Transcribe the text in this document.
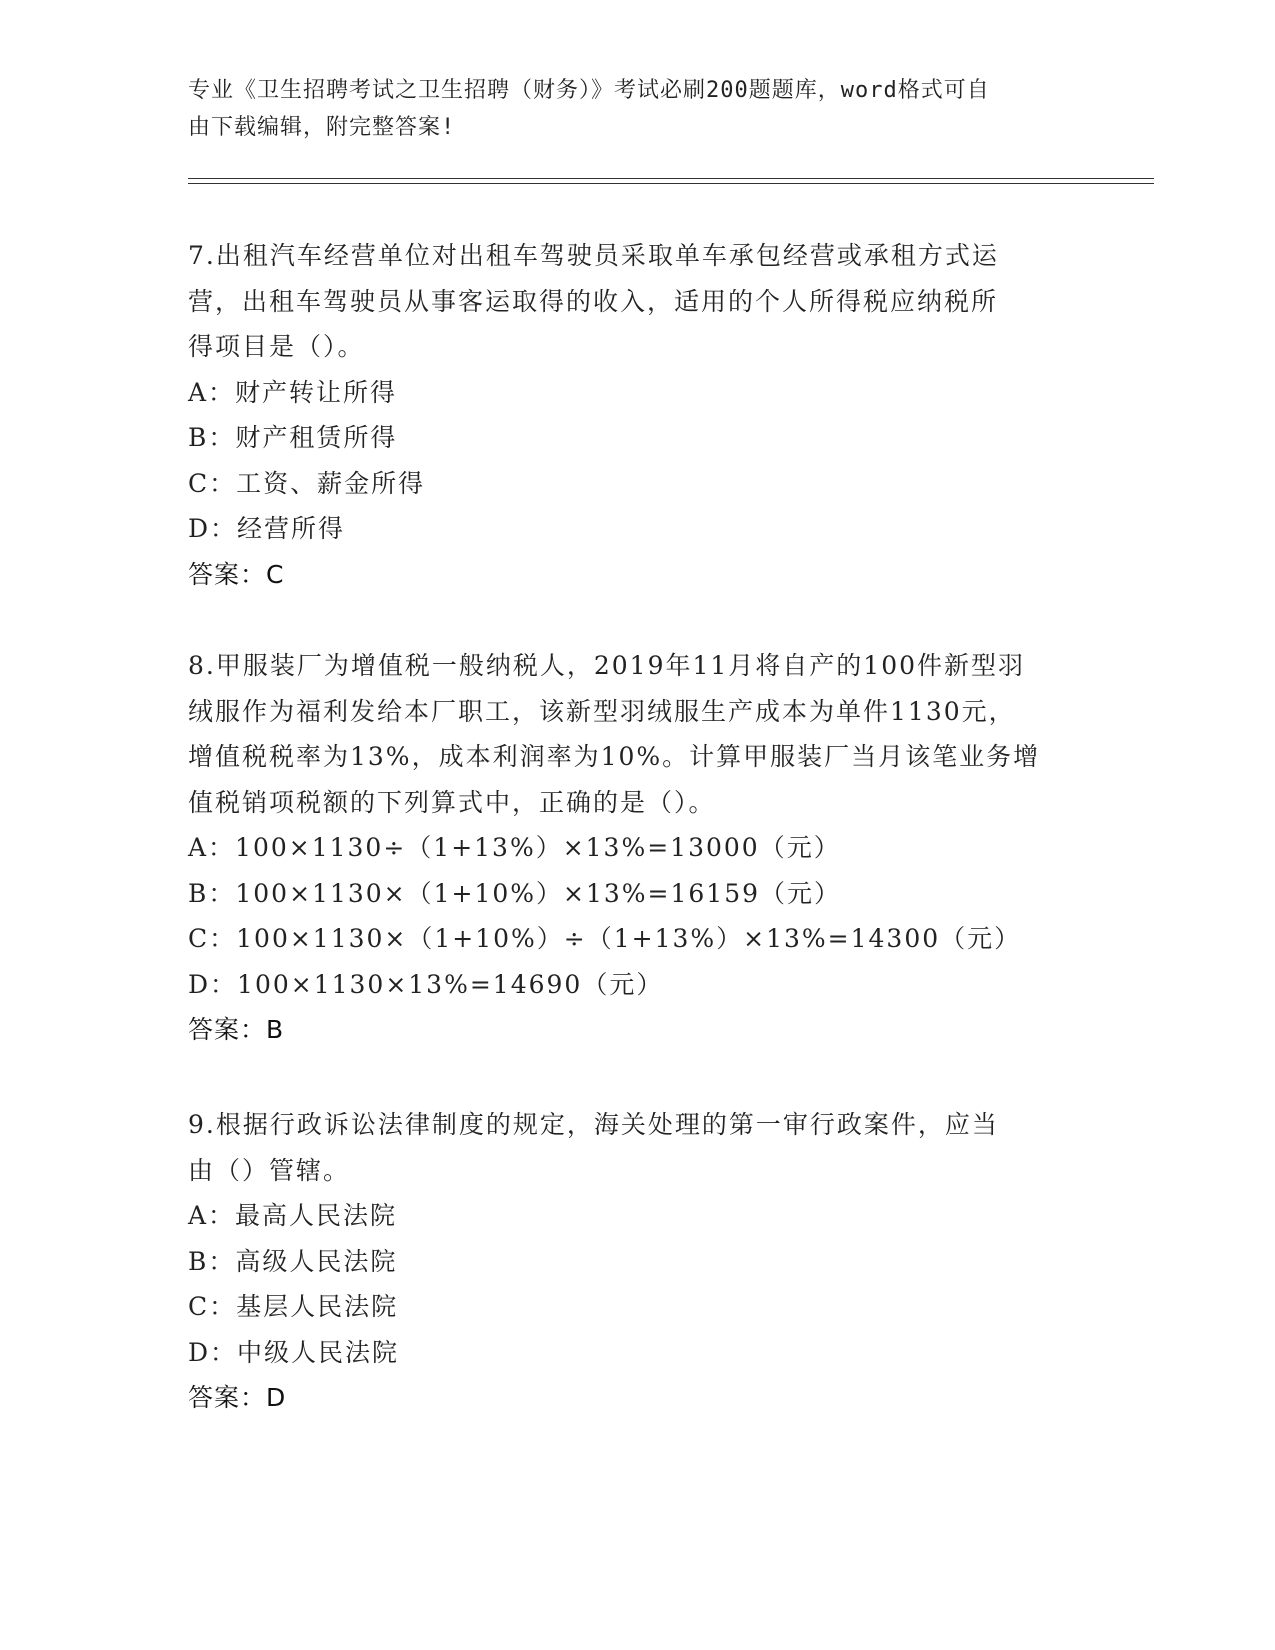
专业《卫生招聘考试之卫生招聘（财务）》考试必刷200题题库，word格式可自
由下载编辑，附完整答案!

7.出租汽车经营单位对出租车驾驶员采取单车承包经营或承租方式运
营，出租车驾驶员从事客运取得的收入，适用的个人所得税应纳税所
得项目是（）。

A：财产转让所得

B：财产租赁所得

C：工资、薪金所得

D：经营所得

答案：C

8.甲服装厂为增值税一般纳税人，2019年11月将自产的100件新型羽
绒服作为福利发给本厂职工，该新型羽绒服生产成本为单件1130元，
增值税税率为13%，成本利润率为10%。计算甲服装厂当月该笔业务增
值税销项税额的下列算式中，正确的是（）。

A：100×1130÷（1+13%）×13%=13000（元）

B：100×1130×（1+10%）×13%=16159（元）

C：100×1130×（1+10%）÷（1+13%）×13%=14300（元）

D：100×1130×13%=14690（元）

答案：B

9.根据行政诉讼法律制度的规定，海关处理的第一审行政案件，应当
由（）管辖。

A：最高人民法院

B：高级人民法院

C：基层人民法院

D：中级人民法院

答案：D
